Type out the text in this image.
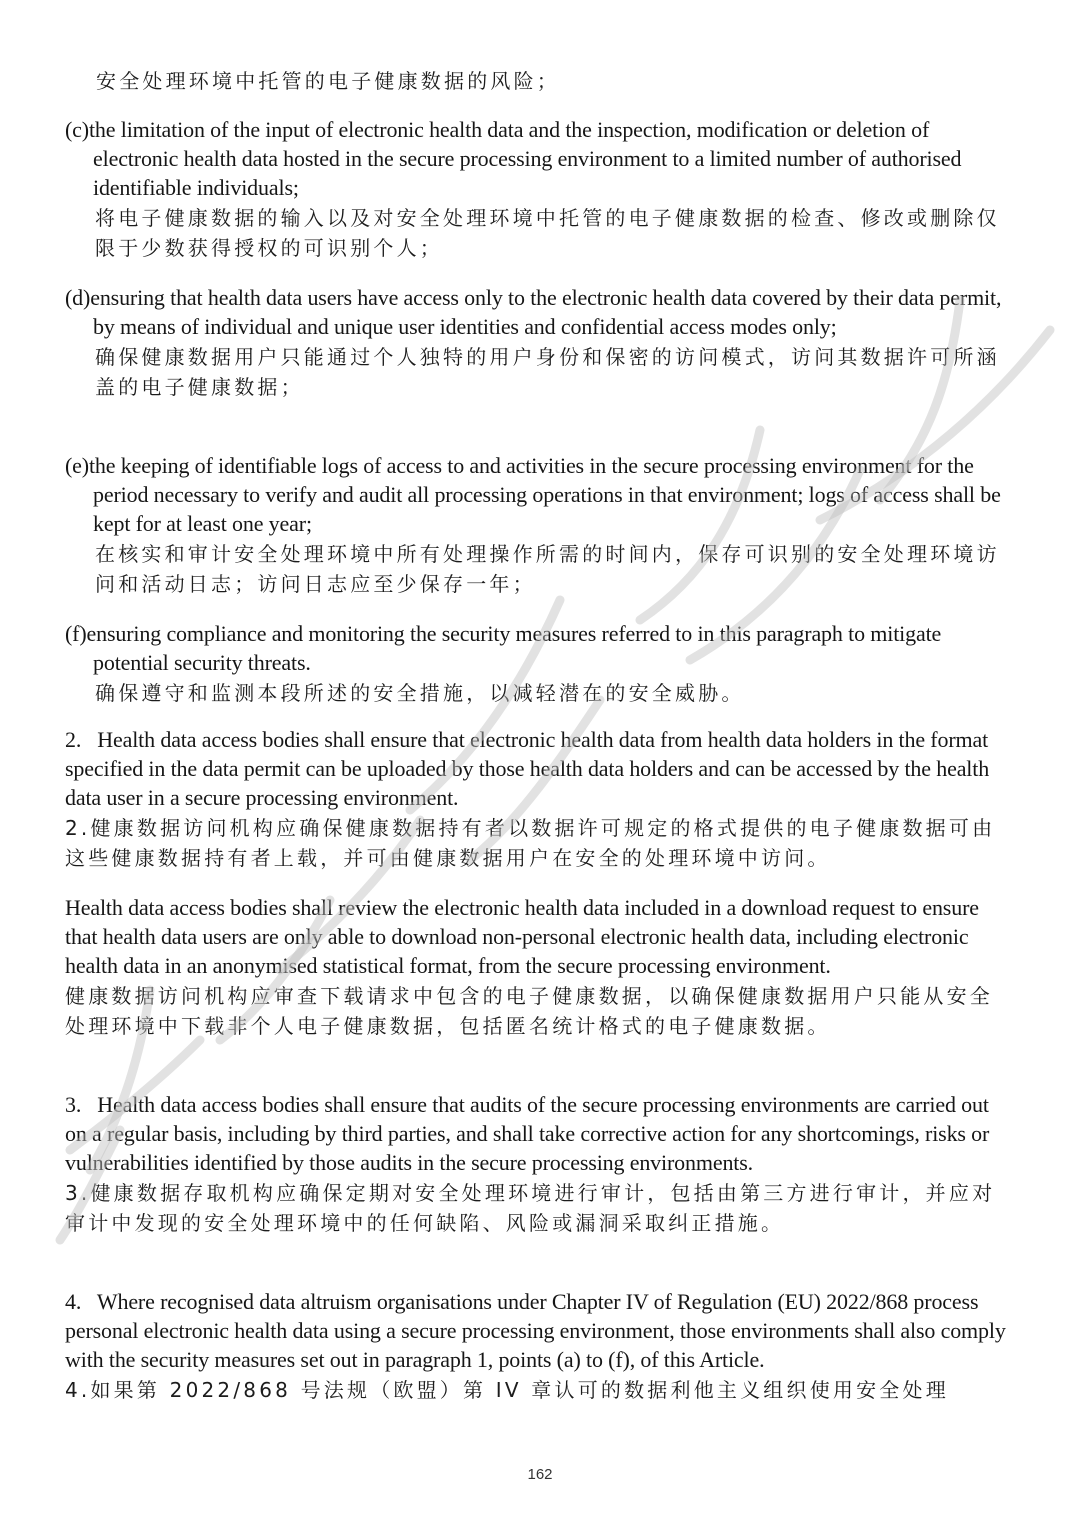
安全处理环境中托管的电子健康数据的风险；

(c)the limitation of the input of electronic health data and the inspection, modification or deletion of electronic health data hosted in the secure processing environment to a limited number of authorised identifiable individuals;

将电子健康数据的输入以及对安全处理环境中托管的电子健康数据的检查、修改或删除仅限于少数获得授权的可识别个人；

(d)ensuring that health data users have access only to the electronic health data covered by their data permit, by means of individual and unique user identities and confidential access modes only;

确保健康数据用户只能通过个人独特的用户身份和保密的访问模式，访问其数据许可所涵盖的电子健康数据；

(e)the keeping of identifiable logs of access to and activities in the secure processing environment for the period necessary to verify and audit all processing operations in that environment; logs of access shall be kept for at least one year;

在核实和审计安全处理环境中所有处理操作所需的时间内，保存可识别的安全处理环境访问和活动日志；访问日志应至少保存一年；

(f)ensuring compliance and monitoring the security measures referred to in this paragraph to mitigate potential security threats.

确保遵守和监测本段所述的安全措施，以减轻潜在的安全威胁。

2.   Health data access bodies shall ensure that electronic health data from health data holders in the format specified in the data permit can be uploaded by those health data holders and can be accessed by the health data user in a secure processing environment.

2.健康数据访问机构应确保健康数据持有者以数据许可规定的格式提供的电子健康数据可由这些健康数据持有者上载，并可由健康数据用户在安全的处理环境中访问。

Health data access bodies shall review the electronic health data included in a download request to ensure that health data users are only able to download non-personal electronic health data, including electronic health data in an anonymised statistical format, from the secure processing environment.

健康数据访问机构应审查下载请求中包含的电子健康数据，以确保健康数据用户只能从安全处理环境中下载非个人电子健康数据，包括匿名统计格式的电子健康数据。

3.   Health data access bodies shall ensure that audits of the secure processing environments are carried out on a regular basis, including by third parties, and shall take corrective action for any shortcomings, risks or vulnerabilities identified by those audits in the secure processing environments.

3.健康数据存取机构应确保定期对安全处理环境进行审计，包括由第三方进行审计，并应对审计中发现的安全处理环境中的任何缺陷、风险或漏洞采取纠正措施。

4.   Where recognised data altruism organisations under Chapter IV of Regulation (EU) 2022/868 process personal electronic health data using a secure processing environment, those environments shall also comply with the security measures set out in paragraph 1, points (a) to (f), of this Article.

4.如果第 2022/868 号法规（欧盟）第 IV 章认可的数据利他主义组织使用安全处理

162
